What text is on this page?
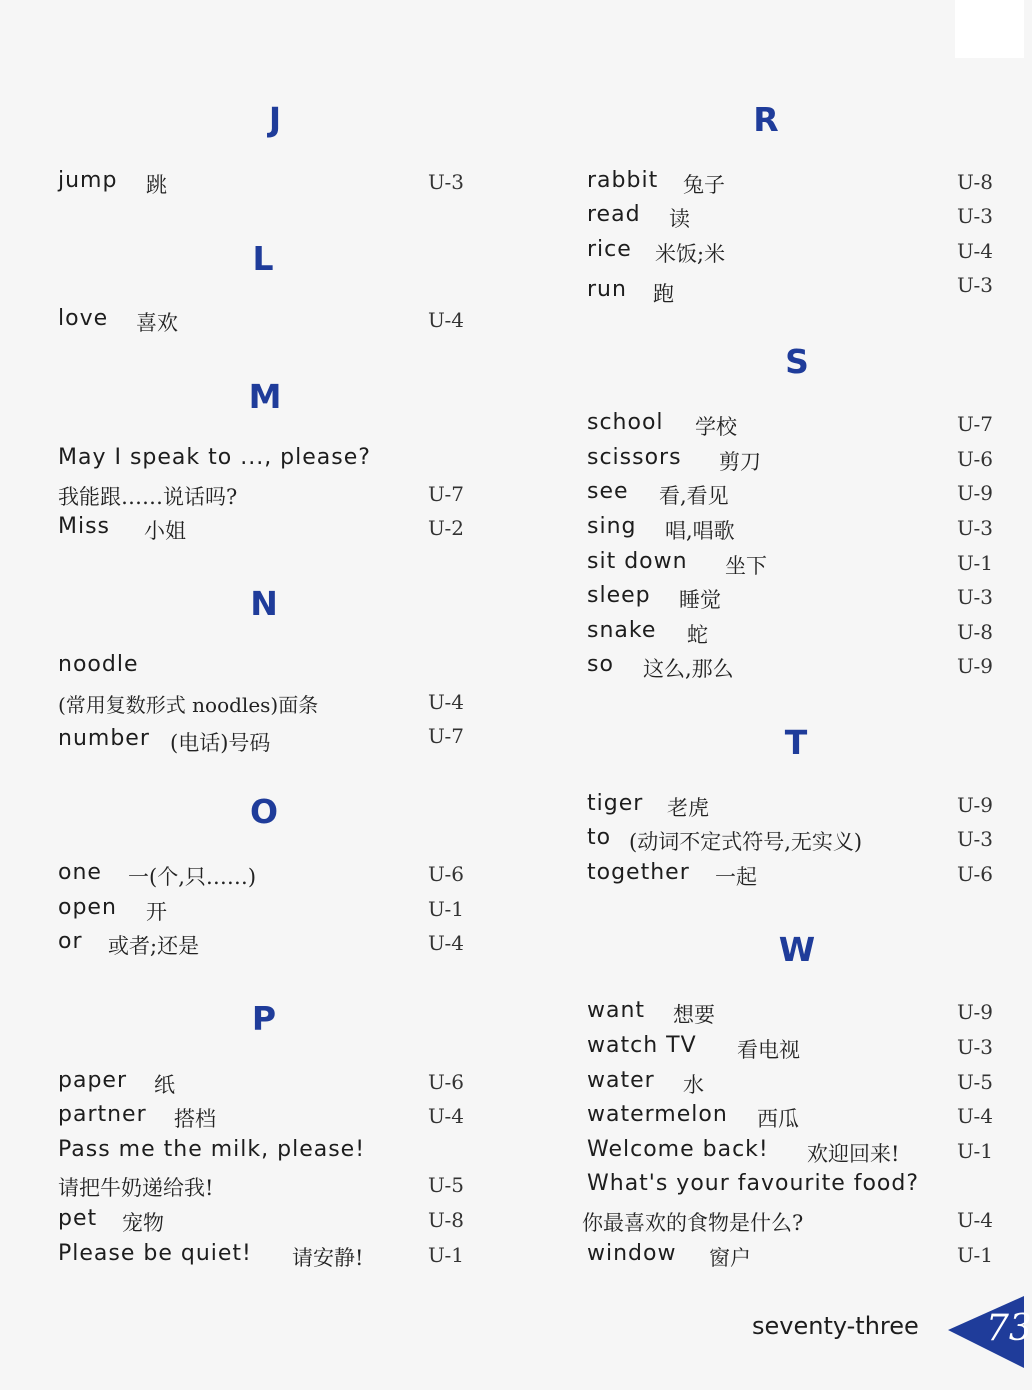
J
jump 跳	U-3
L
love 喜欢	U-4
M
May I speak to ..., please?
我能跟……说话吗?	U-7
Miss 小姐	U-2
N
noodle
(常用复数形式 noodles)面条	U-4
number (电话)号码	U-7
O
one 一(个,只……)	U-6
open 开	U-1
or 或者;还是	U-4
P
paper 纸	U-6
partner 搭档	U-4
Pass me the milk, please!
请把牛奶递给我!	U-5
pet 宠物	U-8
Please be quiet! 请安静!	U-1
R
rabbit 兔子	U-8
read 读	U-3
rice 米饭;米	U-4
run 跑	U-3
S
school 学校	U-7
scissors 剪刀	U-6
see 看,看见	U-9
sing 唱,唱歌	U-3
sit down 坐下	U-1
sleep 睡觉	U-3
snake 蛇	U-8
so 这么,那么	U-9
T
tiger 老虎	U-9
to (动词不定式符号,无实义)	U-3
together 一起	U-6
W
want 想要	U-9
watch TV 看电视	U-3
water 水	U-5
watermelon 西瓜	U-4
Welcome back! 欢迎回来!	U-1
What's your favourite food?
你最喜欢的食物是什么?	U-4
window 窗户	U-1
seventy-three 73
